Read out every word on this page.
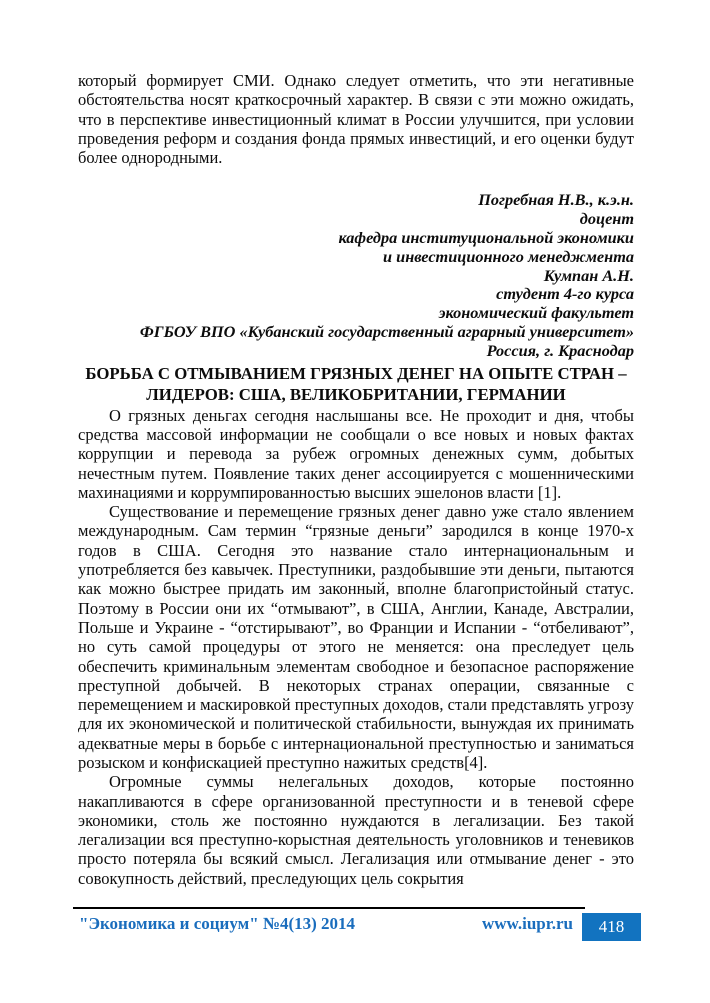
который формирует СМИ. Однако следует отметить, что эти негативные обстоятельства носят краткосрочный характер. В связи с эти можно ожидать, что в перспективе инвестиционный климат в России улучшится, при условии проведения реформ и создания фонда прямых инвестиций, и его оценки будут более однородными.

Погребная Н.В., к.э.н.
доцент
кафедра институциональной экономики
и инвестиционного менеджмента
Кумпан А.Н.
студент 4-го курса
экономический факультет
ФГБОУ ВПО «Кубанский государственный аграрный университет»
Россия, г. Краснодар
БОРЬБА С ОТМЫВАНИЕМ ГРЯЗНЫХ ДЕНЕГ НА ОПЫТЕ СТРАН – ЛИДЕРОВ: США, ВЕЛИКОБРИТАНИИ, ГЕРМАНИИ

О грязных деньгах сегодня наслышаны все. Не проходит и дня, чтобы средства массовой информации не сообщали о все новых и новых фактах коррупции и перевода за рубеж огромных денежных сумм, добытых нечестным путем. Появление таких денег ассоциируется с мошенническими махинациями и коррумпированностью высших эшелонов власти [1].

Существование и перемещение грязных денег давно уже стало явлением международным. Сам термин “грязные деньги” зародился в конце 1970-х годов в США. Сегодня это название стало интернациональным и употребляется без кавычек. Преступники, раздобывшие эти деньги, пытаются как можно быстрее придать им законный, вполне благопристойный статус. Поэтому в России они их “отмывают”, в США, Англии, Канаде, Австралии, Польше и Украине - “отстирывают”, во Франции и Испании - “отбеливают”, но суть самой процедуры от этого не меняется: она преследует цель обеспечить криминальным элементам свободное и безопасное распоряжение преступной добычей. В некоторых странах операции, связанные с перемещением и маскировкой преступных доходов, стали представлять угрозу для их экономической и политической стабильности, вынуждая их принимать адекватные меры в борьбе с интернациональной преступностью и заниматься розыском и конфискацией преступно нажитых средств[4].

Огромные суммы нелегальных доходов, которые постоянно накапливаются в сфере организованной преступности и в теневой сфере экономики, столь же постоянно нуждаются в легализации. Без такой легализации вся преступно-корыстная деятельность уголовников и теневиков просто потеряла бы всякий смысл. Легализация или отмывание денег - это совокупность действий, преследующих цель сокрытия

"Экономика и социум" №4(13) 2014	www.iupr.ru	418
